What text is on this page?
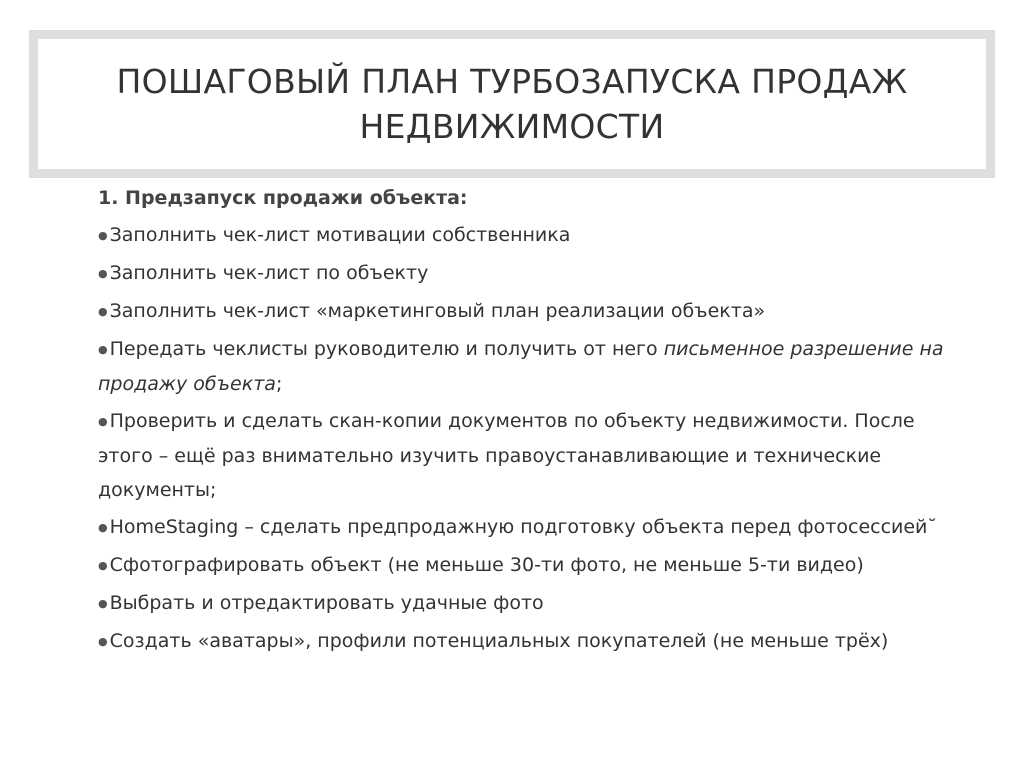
ПОШАГОВЫЙ ПЛАН ТУРБОЗАПУСКА ПРОДАЖ
НЕДВИЖИМОСТИ

1. Предзапуск продажи объекта:

● Заполнить чек-лист мотивации собственника
● Заполнить чек-лист по объекту
● Заполнить чек-лист «маркетинговый план реализации объекта»
● Передать чеклисты руководителю и получить от него письменное разрешение на продажу объекта;
● Проверить и сделать скан-копии документов по объекту недвижимости. После этого – ещё раз внимательно изучить правоустанавливающие и технические документы;
● HomeStaging – сделать предпродажную подготовку объекта перед фотосессией˘
● Сфотографировать объект (не меньше 30-ти фото, не меньше 5-ти видео)
● Выбрать и отредактировать удачные фото
● Создать «аватары», профили потенциальных покупателей (не меньше трёх)
